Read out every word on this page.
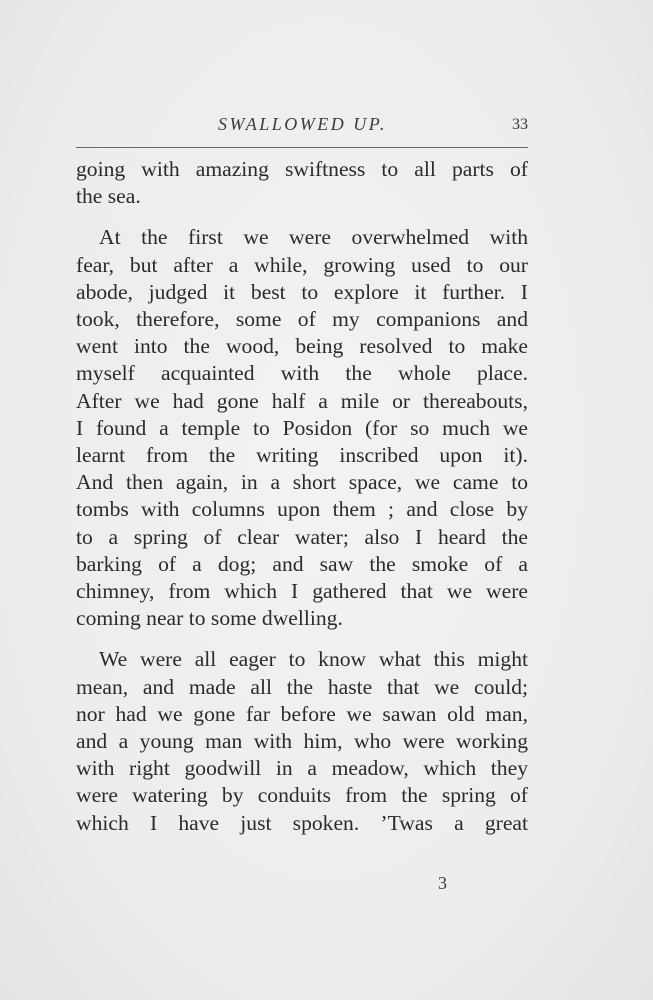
SWALLOWED UP.	33
going with amazing swiftness to all parts of
the sea.
At the first we were overwhelmed with
fear, but after a while, growing used to our
abode, judged it best to explore it further. I
took, therefore, some of my companions and
went into the wood, being resolved to make
myself acquainted with the whole place.
After we had gone half a mile or thereabouts,
I found a temple to Posidon (for so much we
learnt from the writing inscribed upon it).
And then again, in a short space, we came to
tombs with columns upon them ; and close by
to a spring of clear water; also I heard the
barking of a dog; and saw the smoke of a
chimney, from which I gathered that we were
coming near to some dwelling.
We were all eager to know what this might
mean, and made all the haste that we could;
nor had we gone far before we sawan old man,
and a young man with him, who were working
with right goodwill in a meadow, which they
were watering by conduits from the spring of
which I have just spoken. ’Twas a great
3
